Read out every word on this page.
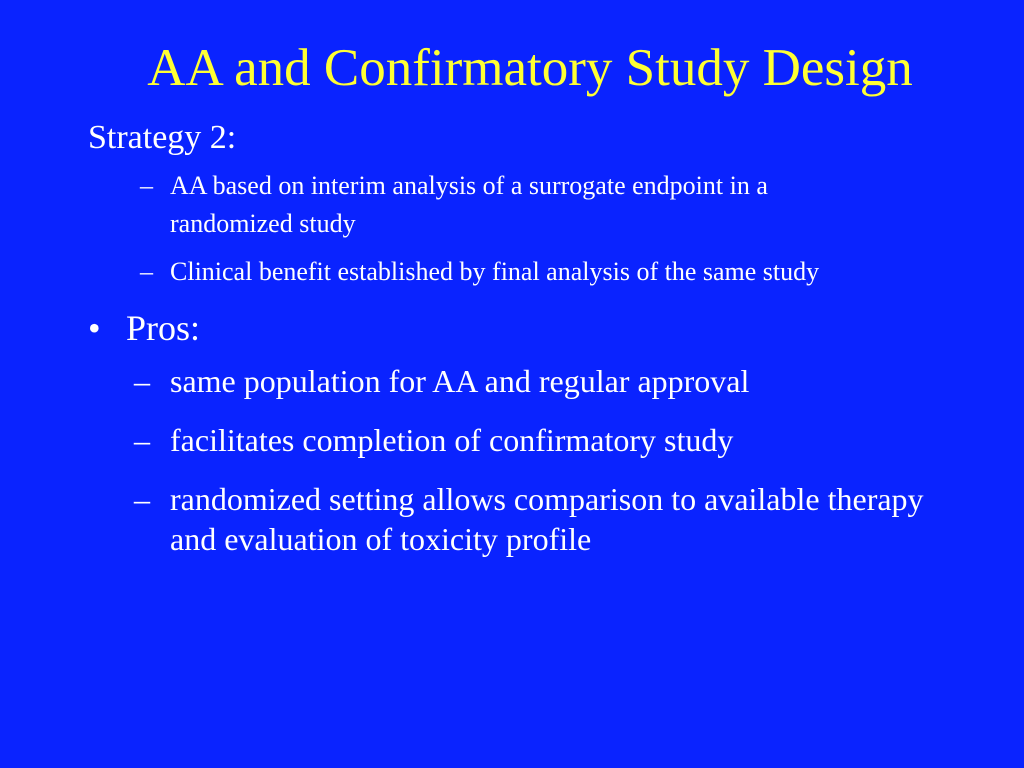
AA and Confirmatory Study Design
Strategy 2:
– AA based on interim analysis of a surrogate endpoint in a randomized study
– Clinical benefit established by final analysis of the same study
• Pros:
– same population for AA and regular approval
– facilitates completion of confirmatory study
– randomized setting allows comparison to available therapy and evaluation of toxicity profile
